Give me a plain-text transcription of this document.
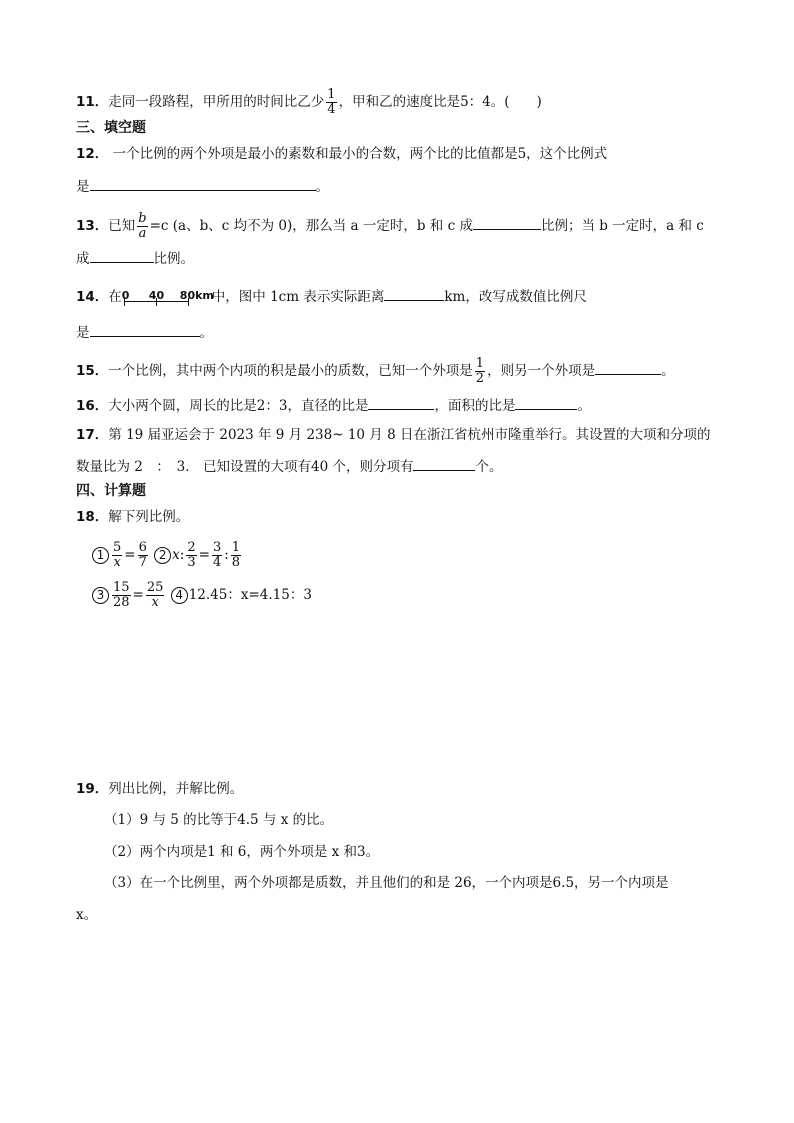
11．走同一段路程，甲所用的时间比乙少 $\frac{1}{4}$ ，甲和乙的速度比是5：4。(　　)
三、填空题
12． 一个比例的两个外项是最小的素数和最小的合数，两个比的比值都是5，这个比例式
是	。
13．已知 $\frac{b}{a} =c$ (a、b、c 均不为 0)，那么当 a 一定时，b 和 c 成	比例；当 b 一定时，a 和 c
成	比例。
14．在 0 40 80km
中，图中 1cm 表示实际距离	km，改写成数值比例尺
是	。
15．一个比例，其中两个内项的积是最小的质数，已知一个外项是 $\frac{1}{2}$ ，则另一个外项是	。
16．大小两个圆，周长的比是2：3，直径的比是	，面积的比是	。
17．第 19 届亚运会于 2023 年 9 月 238~ 10 月 8 日在浙江省杭州市隆重举行。其设置的大项和分项的
数量比为 2　：　3． 已知设置的大项有40 个，则分项有	个。
四、计算题
18．解下列比例。
$1 \frac{5}{x} = \frac{6}{7} 2$ x: $\frac{2}{3} = \frac{3}{4}$ : $\frac{1}{8}$
$3 \frac{15}{28} = \frac{25}{x} 4$ 12.45：x=4.15：3
19．列出比例，并解比例。
（1）9 与 5 的比等于4.5 与 x 的比。
（2）两个内项是1 和 6，两个外项是 x 和3。
（3）在一个比例里，两个外项都是质数，并且他们的和是 26，一个内项是6.5，另一个内项是
x。
